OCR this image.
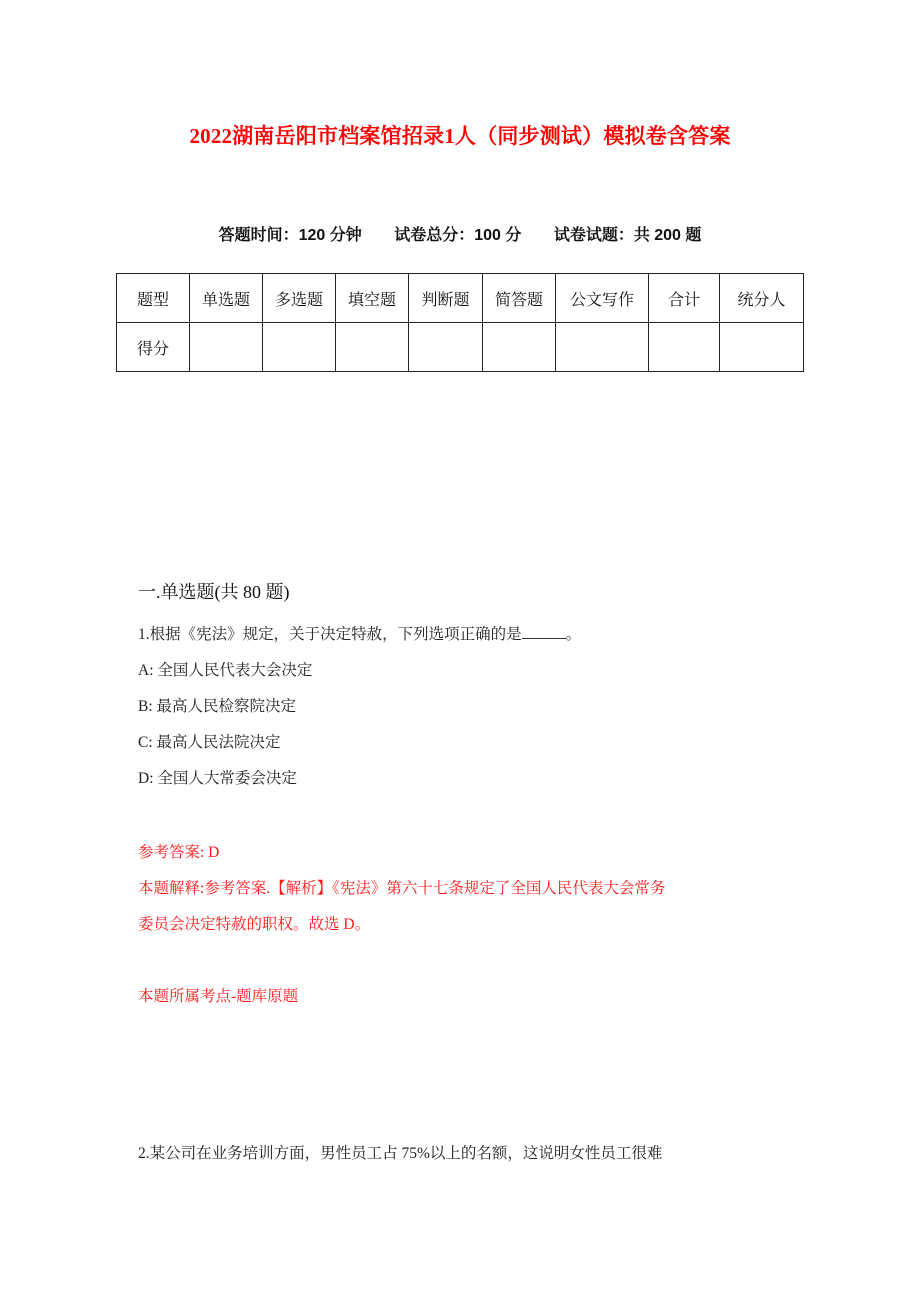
2022湖南岳阳市档案馆招录1人（同步测试）模拟卷含答案
答题时间：120 分钟 试卷总分：100 分 试卷试题：共 200 题
题型	单选题	多选题	填空题	判断题	简答题	公文写作	合计	统分人
得分								
一.单选题(共 80 题)
1.根据《宪法》规定，关于决定特赦，下列选项正确的是	。
A: 全国人民代表大会决定
B: 最高人民检察院决定
C: 最高人民法院决定
D: 全国人大常委会决定
参考答案: D
本题解释:参考答案.【解析】《宪法》第六十七条规定了全国人民代表大会常务
委员会决定特赦的职权。故选 D。
本题所属考点-题库原题
2.某公司在业务培训方面，男性员工占 75%以上的名额，这说明女性员工很难
